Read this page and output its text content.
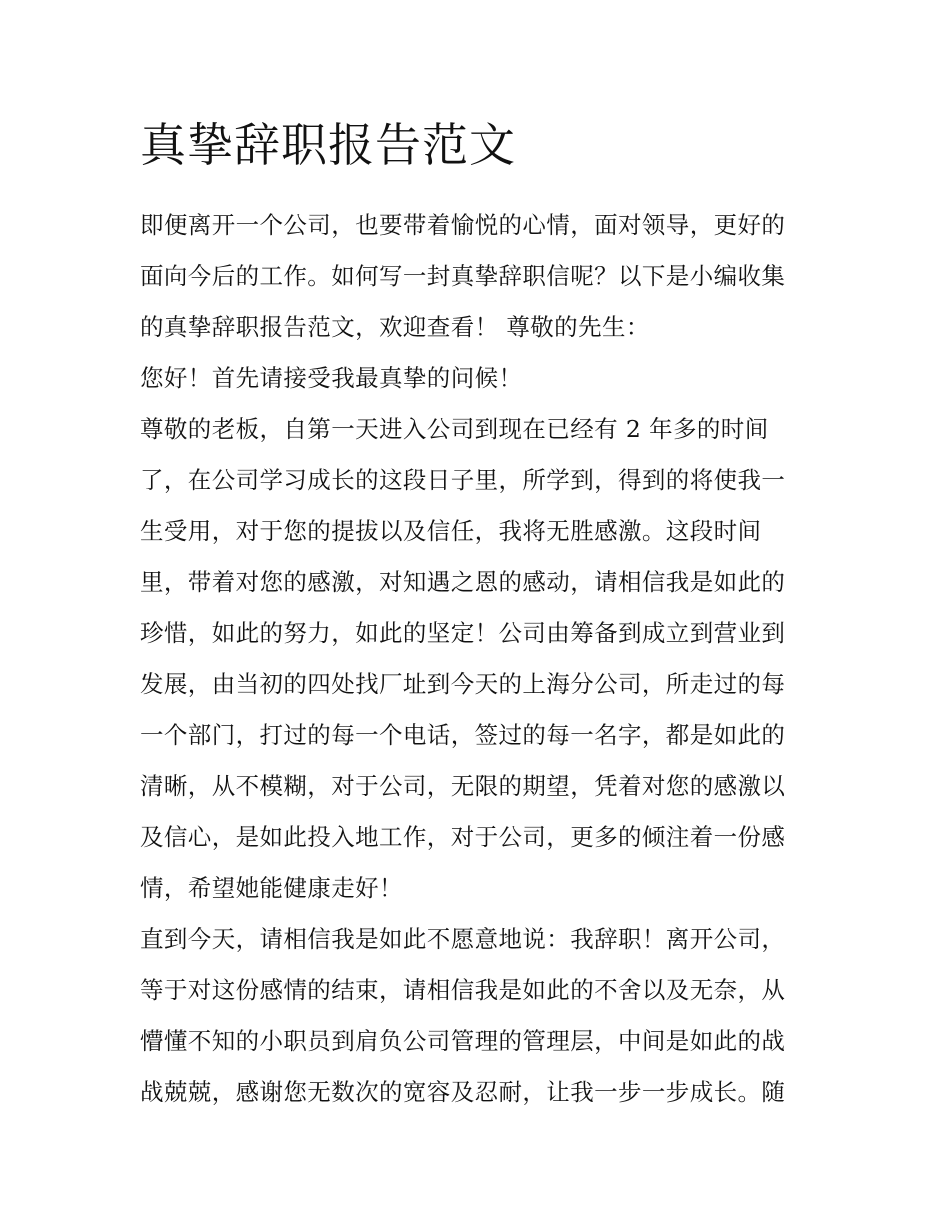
真挚辞职报告范文

即便离开一个公司，也要带着愉悦的心情，面对领导，更好的
面向今后的工作。如何写一封真挚辞职信呢？以下是小编收集
的真挚辞职报告范文，欢迎查看！ 尊敬的先生：

您好！首先请接受我最真挚的问候！

尊敬的老板，自第一天进入公司到现在已经有 2 年多的时间
了，在公司学习成长的这段日子里，所学到，得到的将使我一
生受用，对于您的提拔以及信任，我将无胜感激。这段时间
里，带着对您的感激，对知遇之恩的感动，请相信我是如此的
珍惜，如此的努力，如此的坚定！公司由筹备到成立到营业到
发展，由当初的四处找厂址到今天的上海分公司，所走过的每
一个部门，打过的每一个电话，签过的每一名字，都是如此的
清晰，从不模糊，对于公司，无限的期望，凭着对您的感激以
及信心，是如此投入地工作，对于公司，更多的倾注着一份感
情，希望她能健康走好！

直到今天，请相信我是如此不愿意地说：我辞职！离开公司，
等于对这份感情的结束，请相信我是如此的不舍以及无奈，从
懵懂不知的小职员到肩负公司管理的管理层，中间是如此的战
战兢兢，感谢您无数次的宽容及忍耐，让我一步一步成长。随
